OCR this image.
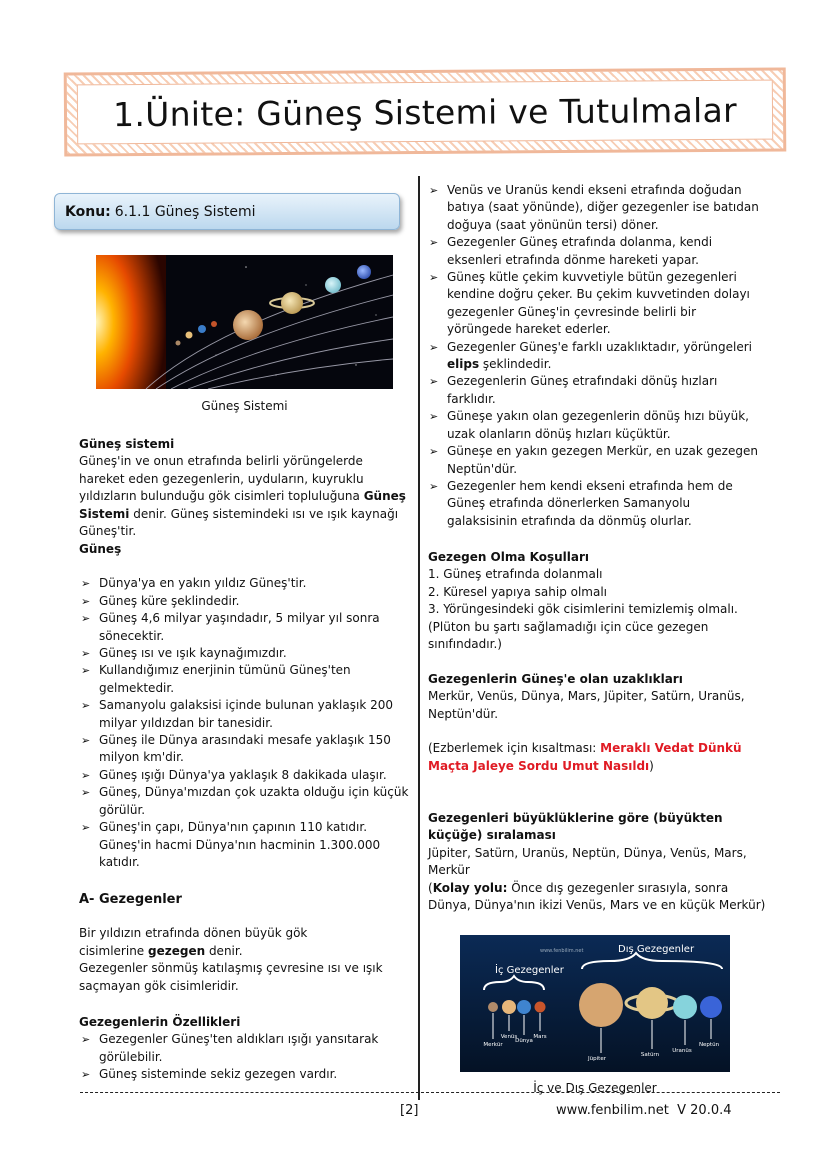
1.Ünite: Güneş Sistemi ve Tutulmalar
Konu: 6.1.1 Güneş Sistemi
Güneş Sistemi
Güneş sistemi
Güneş'in ve onun etrafında belirli yörüngelerde hareket eden gezegenlerin, uyduların, kuyruklu yıldızların bulunduğu gök cisimleri topluluğuna Güneş Sistemi denir. Güneş sistemindeki ısı ve ışık kaynağı Güneş'tir.
Güneş
➢ Dünya'ya en yakın yıldız Güneş'tir.
➢ Güneş küre şeklindedir.
➢ Güneş 4,6 milyar yaşındadır, 5 milyar yıl sonra sönecektir.
➢ Güneş ısı ve ışık kaynağımızdır.
➢ Kullandığımız enerjinin tümünü Güneş'ten gelmektedir.
➢ Samanyolu galaksisi içinde bulunan yaklaşık 200 milyar yıldızdan bir tanesidir.
➢ Güneş ile Dünya arasındaki mesafe yaklaşık 150 milyon km'dir.
➢ Güneş ışığı Dünya'ya yaklaşık 8 dakikada ulaşır.
➢ Güneş, Dünya'mızdan çok uzakta olduğu için küçük görülür.
➢ Güneş'in çapı, Dünya'nın çapının 110 katıdır. Güneş'in hacmi Dünya'nın hacminin 1.300.000 katıdır.
A- Gezegenler
Bir yıldızın etrafında dönen büyük gök cisimlerine gezegen denir.
Gezegenler sönmüş katılaşmış çevresine ısı ve ışık saçmayan gök cisimleridir.
Gezegenlerin Özellikleri
➢ Gezegenler Güneş'ten aldıkları ışığı yansıtarak görülebilir.
➢ Güneş sisteminde sekiz gezegen vardır.
➢ Venüs ve Uranüs kendi ekseni etrafında doğudan batıya (saat yönünde), diğer gezegenler ise batıdan doğuya (saat yönünün tersi) döner.
➢ Gezegenler Güneş etrafında dolanma, kendi eksenleri etrafında dönme hareketi yapar.
➢ Güneş kütle çekim kuvvetiyle bütün gezegenleri kendine doğru çeker. Bu çekim kuvvetinden dolayı gezegenler Güneş'in çevresinde belirli bir yörüngede hareket ederler.
➢ Gezegenler Güneş'e farklı uzaklıktadır, yörüngeleri elips şeklindedir.
➢ Gezegenlerin Güneş etrafındaki dönüş hızları farklıdır.
➢ Güneşe yakın olan gezegenlerin dönüş hızı büyük, uzak olanların dönüş hızları küçüktür.
➢ Güneşe en yakın gezegen Merkür, en uzak gezegen Neptün'dür.
➢ Gezegenler hem kendi ekseni etrafında hem de Güneş etrafında dönerlerken Samanyolu galaksisinin etrafında da dönmüş olurlar.
Gezegen Olma Koşulları
1. Güneş etrafında dolanmalı
2. Küresel yapıya sahip olmalı
3. Yörüngesindeki gök cisimlerini temizlemiş olmalı.
(Plüton bu şartı sağlamadığı için cüce gezegen sınıfındadır.)
Gezegenlerin Güneş'e olan uzaklıkları
Merkür, Venüs, Dünya, Mars, Jüpiter, Satürn, Uranüs, Neptün'dür.
(Ezberlemek için kısaltması: Meraklı Vedat Dünkü Maçta Jaleye Sordu Umut Nasıldı)
Gezegenleri büyüklüklerine göre (büyükten küçüğe) sıralaması
Jüpiter, Satürn, Uranüs, Neptün, Dünya, Venüs, Mars, Merkür
(Kolay yolu: Önce dış gezegenler sırasıyla, sonra Dünya, Dünya'nın ikizi Venüs, Mars ve en küçük Merkür)
www.fenbilim.net
İç Gezegenler
Dış Gezegenler
Merkür
Venüs
Dünya
Mars
Jüpiter
Satürn
Uranüs
Neptün
İç ve Dış Gezegenler
[2]	www.fenbilim.net  V 20.0.4
